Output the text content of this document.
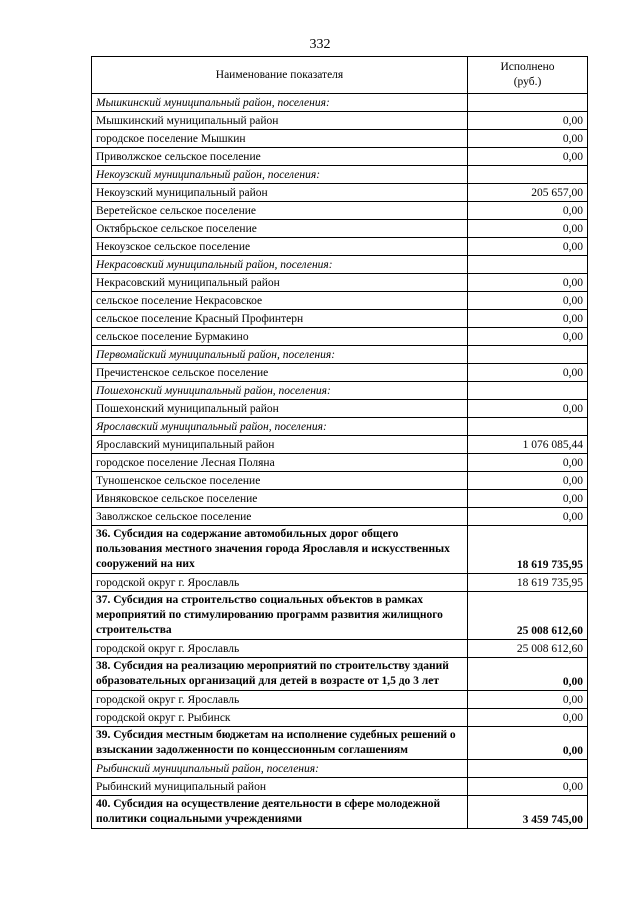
332
Наименование показателя	Исполнено
(руб.)

Мышкинский муниципальный район, поселения:	
Мышкинский муниципальный район	0,00
городское поселение Мышкин	0,00
Приволжское сельское поселение	0,00
Некоузский муниципальный район, поселения:	
Некоузский муниципальный район	205 657,00
Веретейское сельское поселение	0,00
Октябрьское сельское поселение	0,00
Некоузское сельское поселение	0,00
Некрасовский муниципальный район, поселения:	
Некрасовский муниципальный район	0,00
сельское поселение Некрасовское	0,00
сельское поселение Красный Профинтерн	0,00
сельское поселение Бурмакино	0,00
Первомайский муниципальный район, поселения:	
Пречистенское сельское поселение	0,00
Пошехонский муниципальный район, поселения:	
Пошехонский муниципальный район	0,00
Ярославский муниципальный район, поселения:	
Ярославский муниципальный район	1 076 085,44
городское поселение Лесная Поляна	0,00
Туношенское сельское поселение	0,00
Ивняковское сельское поселение	0,00
Заволжское сельское поселение	0,00
36. Субсидия на содержание автомобильных дорог общего пользования местного значения города Ярославля и искусственных сооружений на них	18 619 735,95
городской округ г. Ярославль	18 619 735,95
37. Субсидия на строительство социальных объектов в рамках мероприятий по стимулированию программ развития жилищного строительства	25 008 612,60
городской округ г. Ярославль	25 008 612,60
38. Субсидия на реализацию мероприятий по строительству зданий образовательных организаций для детей в возрасте от 1,5 до 3 лет	0,00
городской округ г. Ярославль	0,00
городской округ г. Рыбинск	0,00
39. Субсидия местным бюджетам на исполнение судебных решений о взыскании задолженности по концессионным соглашениям	0,00
Рыбинский муниципальный район, поселения:	
Рыбинский муниципальный район	0,00
40. Субсидия на осуществление деятельности в сфере молодежной политики социальными учреждениями	3 459 745,00
